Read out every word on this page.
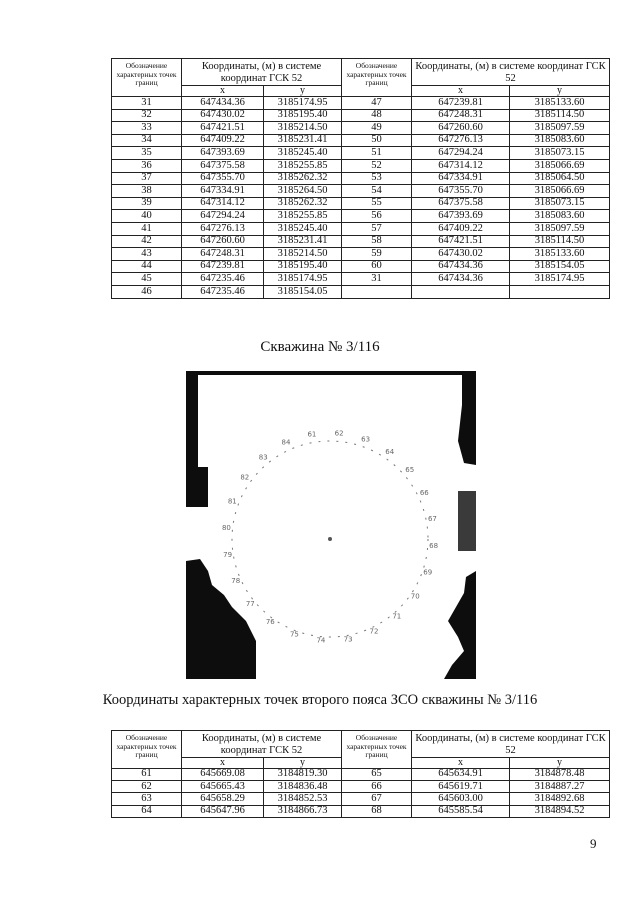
Обозначение характерных точек границ	Координаты, (м) в системе координат ГСК 52		Обозначение характерных точек границ	Координаты, (м) в системе координат ГСК 52	
	x	y		x	y
31	647434.36	3185174.95	47	647239.81	3185133.60
32	647430.02	3185195.40	48	647248.31	3185114.50
33	647421.51	3185214.50	49	647260.60	3185097.59
34	647409.22	3185231.41	50	647276.13	3185083.60
35	647393.69	3185245.40	51	647294.24	3185073.15
36	647375.58	3185255.85	52	647314.12	3185066.69
37	647355.70	3185262.32	53	647334.91	3185064.50
38	647334.91	3185264.50	54	647355.70	3185066.69
39	647314.12	3185262.32	55	647375.58	3185073.15
40	647294.24	3185255.85	56	647393.69	3185083.60
41	647276.13	3185245.40	57	647409.22	3185097.59
42	647260.60	3185231.41	58	647421.51	3185114.50
43	647248.31	3185214.50	59	647430.02	3185133.60
44	647239.81	3185195.40	60	647434.36	3185154.05
45	647235.46	3185174.95	31	647434.36	3185174.95
46	647235.46	3185154.05			
Скважина № 3/116
61	62
63
64
65
66
67
68
69
70
71
72
73
74
75
76
77
78
79
80
81
82
83
84
Координаты характерных точек второго пояса ЗСО скважины № 3/116
Обозначение характерных точек границ	Координаты, (м) в системе координат ГСК 52		Обозначение характерных точек границ	Координаты, (м) в системе координат ГСК 52	
	x	y		x	y
61	645669.08	3184819.30	65	645634.91	3184878.48
62	645665.43	3184836.48	66	645619.71	3184887.27
63	645658.29	3184852.53	67	645603.00	3184892.68
64	645647.96	3184866.73	68	645585.54	3184894.52
9
